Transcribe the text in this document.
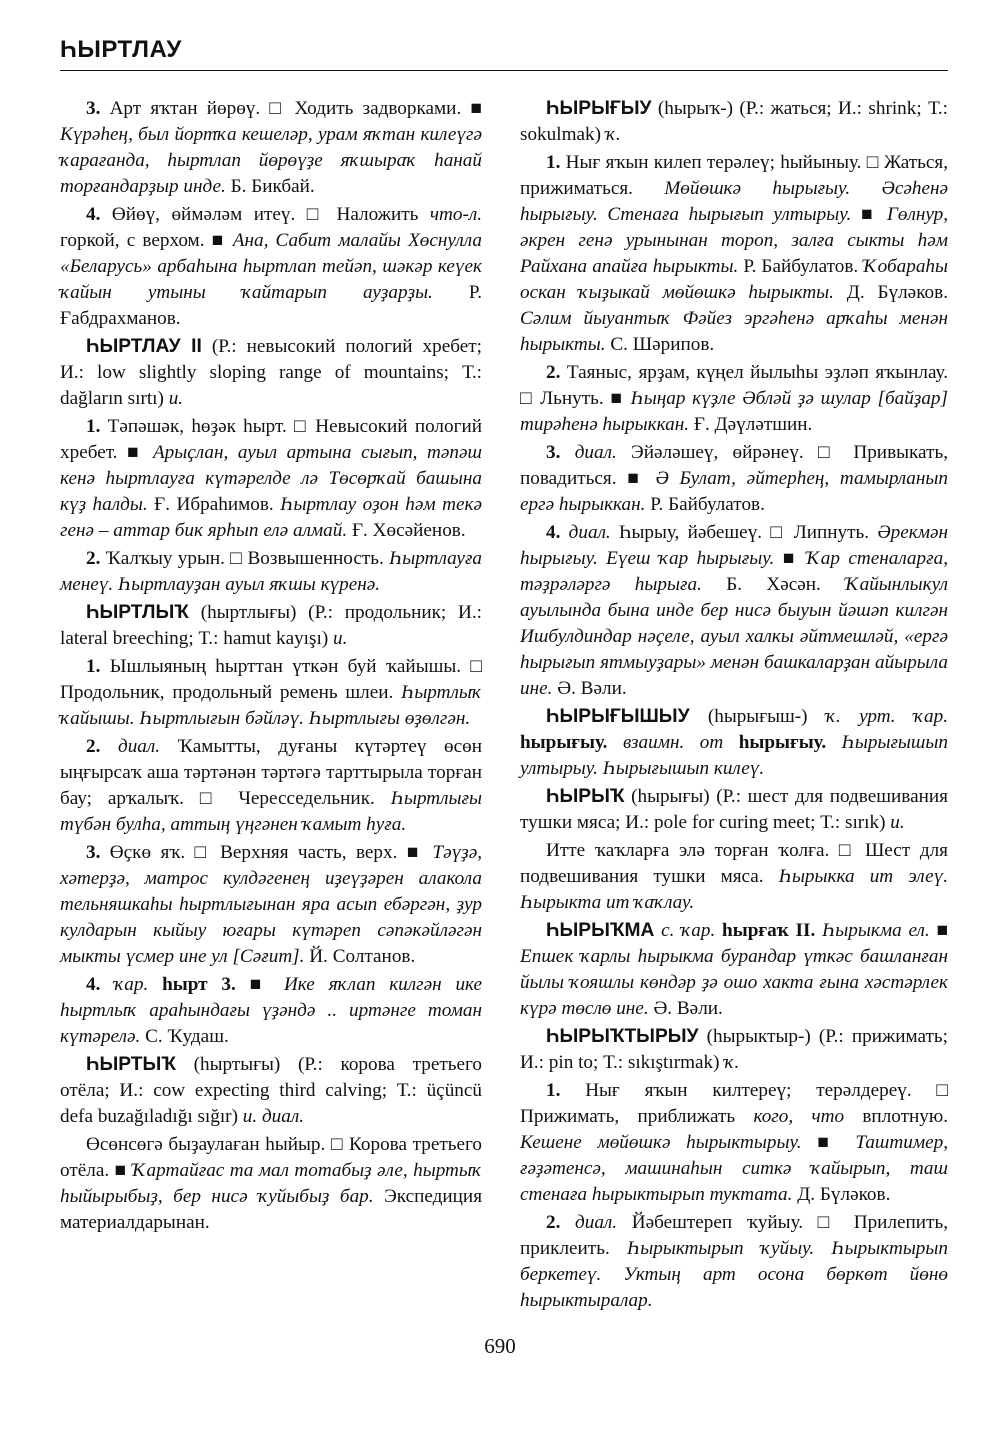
ҺЫРТЛАУ

3. Арт яҡтан йөрөү. □ Ходить задворками. ■ Күрәһең, был йортҡа кешеләр, урам яҡтан килеүгә ҡарағанда, һыртлап йөрөүҙе яҡшыраҡ һанай торғандарҙыр инде. Б. Бикбай.

4. Өйөү, өймәләм итеү. □ Наложить что-л. горкой, с верхом. ■ Ана, Сабит малайы Хөснулла «Беларусь» арбаһына һыртлап тейәп, шәкәр кеүек ҡайын утыны ҡайтарып ауҙарҙы. Р. Ғабдрахманов.

ҺЫРТЛАУ II (Р.: невысокий пологий хребет; И.: low slightly sloping range of mountains; Т.: dağların sırtı) и.

1. Тәпәшәк, һөҙәк һырт. □ Невысокий пологий хребет. ■ Арыҫлан, ауыл артына сығып, тәпәш кенә һыртлауға күтәрелде лә Төсөрҡай башына күҙ һалды. Ғ. Ибраһимов. Һыртлау оҙон һәм текә генә – аттар бик ярһып елә алмай. Ғ. Хөсәйенов.

2. Ҡалҡыу урын. □ Возвышенность. Һыртлауға менеү. Һыртлауҙан ауыл яҡшы күренә.

ҺЫРТЛЫҠ (һыртлығы) (Р.: продольник; И.: lateral breeching; Т.: hamut kayışı) и.

1. Ышлыяның һырттан үткән буй ҡайышы. □ Продольник, продольный ремень шлеи. Һыртлыҡ ҡайышы. Һыртлығын бәйләү. Һыртлығы өҙөлгән.

2. диал. Ҡамытты, дуғаны күтәртеү өсөн ыңғырсаҡ аша тәртәнән тәртәгә тарттырыла торған бау; арҡалыҡ. □ Чересседельник. Һыртлығы түбән булһа, аттың үңгәнен ҡамыт һуға.

3. Өҫкө яҡ. □ Верхняя часть, верх. ■ Тәүҙә, хәтерҙә, матрос кулдәгенең иҙеүҙәрен алакола тельняшкаһы һыртлығынан яра асып ебәргән, ҙур кулдарын кыйыу юғары күтәреп сәпәкәйләгән мыкты үсмер ине ул [Сәғит]. Й. Солтанов.

4. ҡар. һырт 3. ■ Ике яҡлап килгән ике һыртлыҡ араһындағы үҙәндә .. иртәнге томан күтәрелә. С. Ҡудаш.

ҺЫРТЫҠ (һыртығы) (Р.: корова третьего отёла; И.: cow expecting third calving; Т.: üçüncü defa buzağıladığı sığır) и. диал.

Өсөнсөгә быҙаулаған һыйыр. □ Корова третьего отёла. ■ Ҡартайғас та мал тотабыҙ әле, һыртыҡ һыйырыбыҙ, бер нисә ҡуйыбыҙ бар. Экспедиция материалдарынан.

ҺЫРЫҒЫУ (һырыҡ-) (Р.: жаться; И.: shrink; Т.: sokulmak) ҡ.

1. Нығ яҡын килеп терәлеү; һыйыныу. □ Жаться, прижиматься. Мөйөшкә һырығыу. Әсәһенә һырығыу. Стенаға һырығып ултырыу. ■ Гөлнур, әкрен генә урынынан тороп, залға сыкты һәм Райхана апайға һырыкты. Р. Байбулатов. Ҡобараһы оскан ҡыҙыкай мөйөшкә һырыкты. Д. Бүләков. Сәлим йыуантыҡ Фәйез эргәһенә арҡаһы менән һырыкты. С. Шәрипов.

2. Таяныс, ярҙам, күңел йылыһы эҙләп яҡынлау. □ Льнуть. ■ Һыңар күҙле Әбләй ҙә шулар [байҙар] тирәһенә һырыккан. Ғ. Дәүләтшин.

3. диал. Эйәләшеү, өйрәнеү. □ Привыкать, повадиться. ■ Ә Булат, әйтерһең, тамырланып ергә һырыккан. Р. Байбулатов.

4. диал. Һырыу, йәбешеү. □ Липнуть. Әрекмән һырығыу. Еүеш ҡар һырығыу. ■ Ҡар стеналарға, тәҙрәләргә һырыға. Б. Хәсән. Ҡайынлыкул ауылында бына инде бер нисә быуын йәшәп килгән Ишбулдиндар нәҫеле, ауыл халкы әйтмешләй, «ергә һырығып ятмыуҙары» менән башкаларҙан айырыла ине. Ә. Вәли.

ҺЫРЫҒЫШЫУ (һырығыш-) ҡ. урт. ҡар. һырығыу. взаимн. от һырығыу. Һырығышып ултырыу. Һырығышып килеү.

ҺЫРЫҠ (һырығы) (Р.: шест для подвешивания тушки мяса; И.: pole for curing meet; Т.: sırık) и.

Итте ҡаҡларға элә торған ҡолға. □ Шест для подвешивания тушки мяса. Һырыкка ит элеү. Һырыкта ит ҡаҡлау.

ҺЫРЫҠМА с. ҡар. һырғаҡ II. Һырыкма ел. ■ Епшек ҡарлы һырыкма бурандар үткәс башланған йылы ҡояшлы көндәр ҙә ошо хакта ғына хәстәрлек күрә төслө ине. Ә. Вәли.

ҺЫРЫҠТЫРЫУ (һырыктыр-) (Р.: прижимать; И.: pin to; Т.: sıkıştırmak) ҡ.

1. Нығ яҡын килтереү; терәлдереү. □ Прижимать, приближать кого, что вплотную. Кешене мөйөшкә һырыктырыу. ■ Таштимер, ғәҙәтенсә, машинаһын ситкә ҡайырып, таш стенаға һырыктырып туктата. Д. Бүләков.

2. диал. Йәбештереп ҡуйыу. □ Прилепить, приклеить. Һырыктырып ҡуйыу. Һырыктырып беркетеү. Уктың арт осона бөркөт йөнө һырыктыралар.

690
